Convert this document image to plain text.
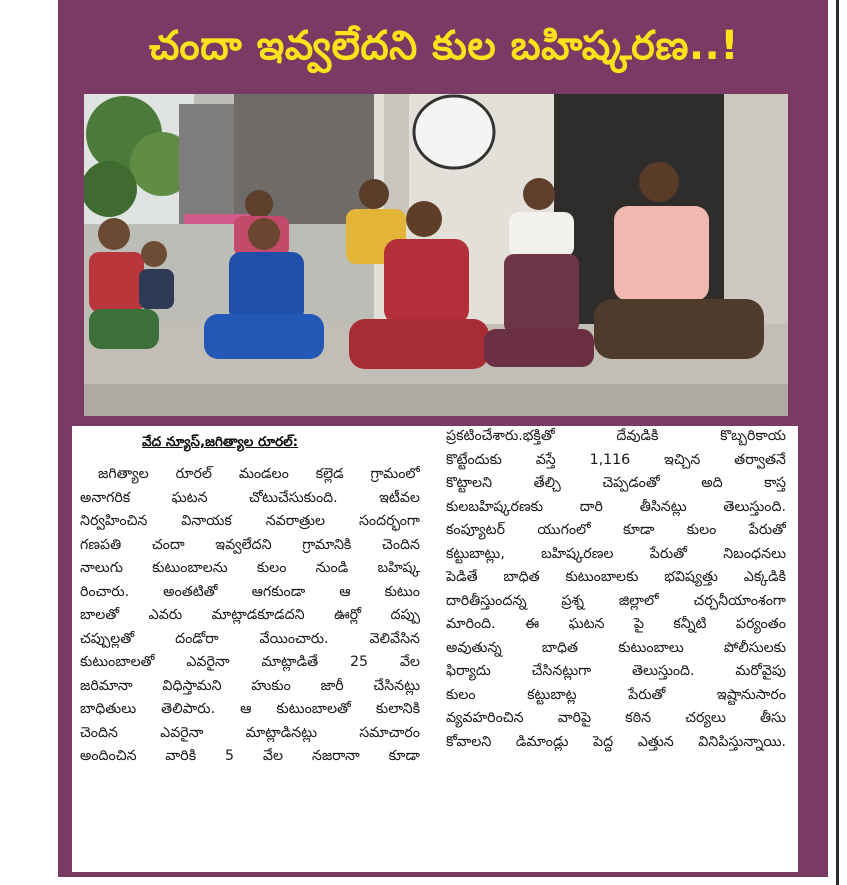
చందా ఇవ్వలేదని కుల బహిష్కరణ..!
వేద న్యూస్,జగిత్యాల రూరల్:
జగిత్యాల రూరల్ మండలం కల్లెడ గ్రామంలో
అనాగరిక ఘటన చోటుచేసుకుంది. ఇటీవల
నిర్వహించిన వినాయక నవరాత్రుల సందర్భంగా
గణపతి చందా ఇవ్వలేదని గ్రామానికి చెందిన
నాలుగు కుటుంబాలను కులం నుండి బహిష్క
రించారు. అంతటితో ఆగకుండా ఆ కుటుం
బాలతో ఎవరు మాట్లాడకూడదని ఊర్లో దప్పు
చప్పుల్లతో దండోరా వేయించారు. వెలివేసిన
కుటుంబాలతో ఎవరైనా మాట్లాడితే 25 వేల
జరిమానా విధిస్తామని హుకుం జారీ చేసినట్లు
బాధితులు తెలిపారు. ఆ కుటుంబాలతో కులానికి
చెందిన ఎవరైనా మాట్లాడినట్లు సమాచారం
అందించిన వారికి 5 వేల నజరానా కూడా
ప్రకటించేశారు.భక్తితో దేవుడికి కొబ్బరికాయ
కొట్టేందుకు వస్తే 1,116 ఇచ్చిన తర్వాతనే
కొట్టాలని తేల్చి చెప్పడంతో అది కాస్త
కులబహిష్కరణకు దారి తీసినట్లు తెలుస్తుంది.
కంప్యూటర్ యుగంలో కూడా కులం పేరుతో
కట్టుబాట్లు, బహిష్కరణల పేరుతో నిబంధనలు
పెడితే బాధిత కుటుంబాలకు భవిష్యత్తు ఎక్కడికి
దారితీస్తుందన్న ప్రశ్న జిల్లాలో చర్చనీయాంశంగా
మారింది. ఈ ఘటన పై కన్నీటి పర్యంతం
అవుతున్న బాధిత కుటుంబాలు పోలీసులకు
ఫిర్యాదు చేసినట్లుగా తెలుస్తుంది. మరోవైపు
కులం కట్టుబాట్ల పేరుతో ఇష్టానుసారం
వ్యవహరించిన వారిపై కఠిన చర్యలు తీసు
కోవాలని డిమాండ్లు పెద్ద ఎత్తున వినిపిస్తున్నాయి.
